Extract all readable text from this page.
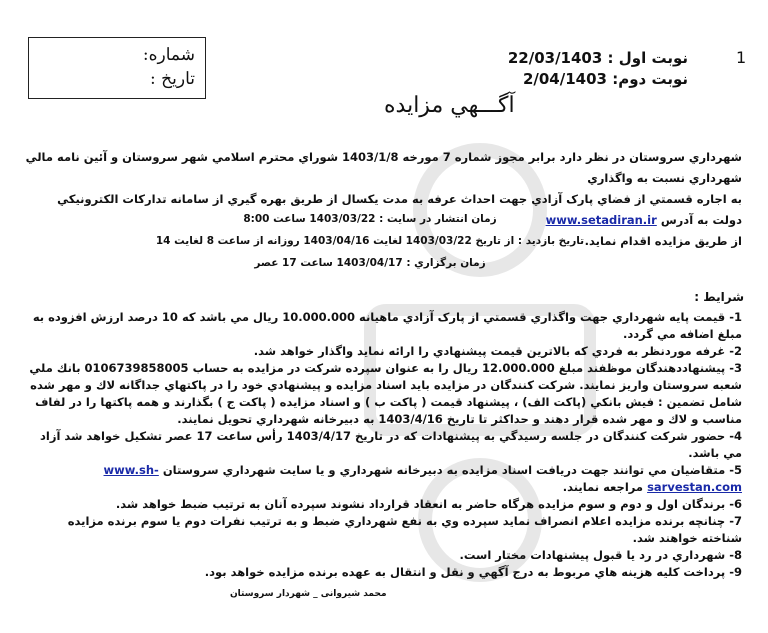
شماره:
تاریخ :
1
نوبت اول : 22/03/1403
نوبت دوم: 2/04/1403
آگـــهي مزايده
شهرداري سروستان در نظر دارد برابر مجوز شماره 7 مورخه 1403/1/8 شوراي محترم اسلامي شهر سروستان و آئين نامه مالي شهرداري نسبت به واگذاري
به اجاره قسمتي از فضاي پارک آزادي جهت احداث عرفه به مدت يکسال از طريق بهره گيري از سامانه تدارکات الکترونيکي دولت به آدرس www.setadiran.ir
از طريق مزايده اقدام نمايد.
زمان انتشار در سايت : 1403/03/22 ساعت 8:00
تاريخ بازديد : از تاريخ 1403/03/22 لغايت 1403/04/16 روزانه از ساعت 8 لغايت 14
زمان برگزاري : 1403/04/17 ساعت 17 عصر
شرایط :

1- قيمت پايه شهرداري جهت واگذاري قسمتي از پارک آزادي ماهيانه 10.000.000 ريال مي باشد که 10 درصد ارزش افزوده به مبلغ اضافه مي گردد.

2- غرفه موردنظر به فردي که بالاترين قيمت پيشنهادي را ارائه نمايد واگذار خواهد شد.

3- پيشنهاددهندگان موظفند مبلغ 12.000.000 ريال را به عنوان سپرده شرکت در مزايده به حساب 0106739858005 بانك ملي شعبه سروستان واريز نمايند. شرکت کنندگان در مزايده بايد اسناد مزايده و پيشنهادي خود را در پاکتهاي جداگانه لاك و مهر شده شامل تضمين : فيش بانکي (پاکت الف) ، پيشنهاد قيمت ( پاکت ب ) و اسناد مزايده ( پاکت ج ) بگذارند و همه پاکتها را در لفاف مناسب و لاك و مهر شده قرار دهند و حداکثر تا تاريخ 1403/4/16 به دبيرخانه شهرداري تحويل نمايند.

4- حضور شرکت کنندگان در جلسه رسيدگي به پيشنهادات که در تاريخ 1403/4/17 رأس ساعت 17 عصر تشکيل خواهد شد آزاد مي باشد.

5- متقاضيان مي توانند جهت دريافت اسناد مزايده به دبيرخانه شهرداري و يا سايت شهرداري سروستان www.sh-sarvestan.com مراجعه نمايند.

6- برندگان اول و دوم و سوم مزايده هرگاه حاضر به انعقاد قرارداد نشوند سپرده آنان به ترتيب ضبط خواهد شد.

7- چنانچه برنده مزايده اعلام انصراف نمايد سپرده وي به نفع شهرداري ضبط و به ترتيب نفرات دوم يا سوم برنده مزايده شناخته خواهند شد.

8- شهرداري در رد يا قبول پيشنهادات مختار است.

9- پرداخت كليه هزينه هاي مربوط به درج آگهي و نقل و انتقال به عهده برنده مزايده خواهد بود.

محمد شیروانی _ شهردار سروستان
